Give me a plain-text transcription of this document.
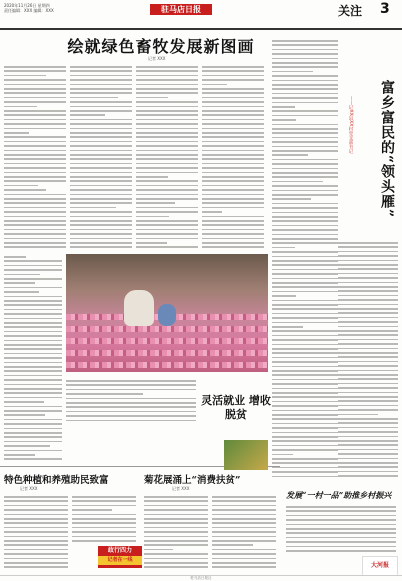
2020年11月26日 星期四
责任编辑：XXX 编辑：XXX	驻马店日报	关注 3
绘就绿色畜牧发展新图画
记者 XXX
灵活就业 增收脱贫
富乡富民的“领头雁”
——记XX县XX村党支部书记
特色种植和养殖助民致富
记者 XXX
菊花展涌上“消费扶贫”
记者 XXX
发展“一村一品”助推乡村振兴
政行四力
记者在一线
大河报
驻马店日报社
